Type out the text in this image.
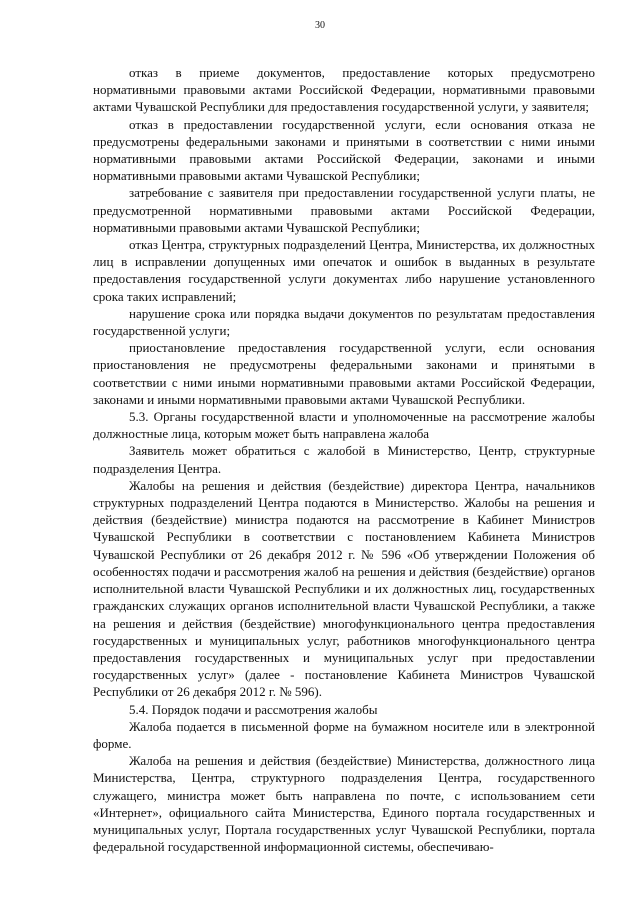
30

отказ в приеме документов, предоставление которых предусмотрено нормативными правовыми актами Российской Федерации, нормативными правовыми актами Чувашской Республики для предоставления государственной услуги, у заявителя;

отказ в предоставлении государственной услуги, если основания отказа не предусмотрены федеральными законами и принятыми в соответствии с ними иными нормативными правовыми актами Российской Федерации, законами и иными нормативными правовыми актами Чувашской Республики;

затребование с заявителя при предоставлении государственной услуги платы, не предусмотренной нормативными правовыми актами Российской Федерации, нормативными правовыми актами Чувашской Республики;

отказ Центра, структурных подразделений Центра, Министерства, их должностных лиц в исправлении допущенных ими опечаток и ошибок в выданных в результате предоставления государственной услуги документах либо нарушение установленного срока таких исправлений;

нарушение срока или порядка выдачи документов по результатам предоставления государственной услуги;

приостановление предоставления государственной услуги, если основания приостановления не предусмотрены федеральными законами и принятыми в соответствии с ними иными нормативными правовыми актами Российской Федерации, законами и иными нормативными правовыми актами Чувашской Республики.

5.3. Органы государственной власти и уполномоченные на рассмотрение жалобы должностные лица, которым может быть направлена жалоба

Заявитель может обратиться с жалобой в Министерство, Центр, структурные подразделения Центра.

Жалобы на решения и действия (бездействие) директора Центра, начальников структурных подразделений Центра подаются в Министерство. Жалобы на решения и действия (бездействие) министра подаются на рассмотрение в Кабинет Министров Чувашской Республики в соответствии с постановлением Кабинета Министров Чувашской Республики от 26 декабря 2012 г. № 596 «Об утверждении Положения об особенностях подачи и рассмотрения жалоб на решения и действия (бездействие) органов исполнительной власти Чувашской Республики и их должностных лиц, государственных гражданских служащих органов исполнительной власти Чувашской Республики, а также на решения и действия (бездействие) многофункционального центра предоставления государственных и муниципальных услуг, работников многофункционального центра предоставления государственных и муниципальных услуг при предоставлении государственных услуг» (далее - постановление Кабинета Министров Чувашской Республики от 26 декабря 2012 г. № 596).

5.4. Порядок подачи и рассмотрения жалобы

Жалоба подается в письменной форме на бумажном носителе или в электронной форме.

Жалоба на решения и действия (бездействие) Министерства, должностного лица Министерства, Центра, структурного подразделения Центра, государственного служащего, министра может быть направлена по почте, с использованием сети «Интернет», официального сайта Министерства, Единого портала государственных и муниципальных услуг, Портала государственных услуг Чувашской Республики, портала федеральной государственной информационной системы, обеспечиваю-
